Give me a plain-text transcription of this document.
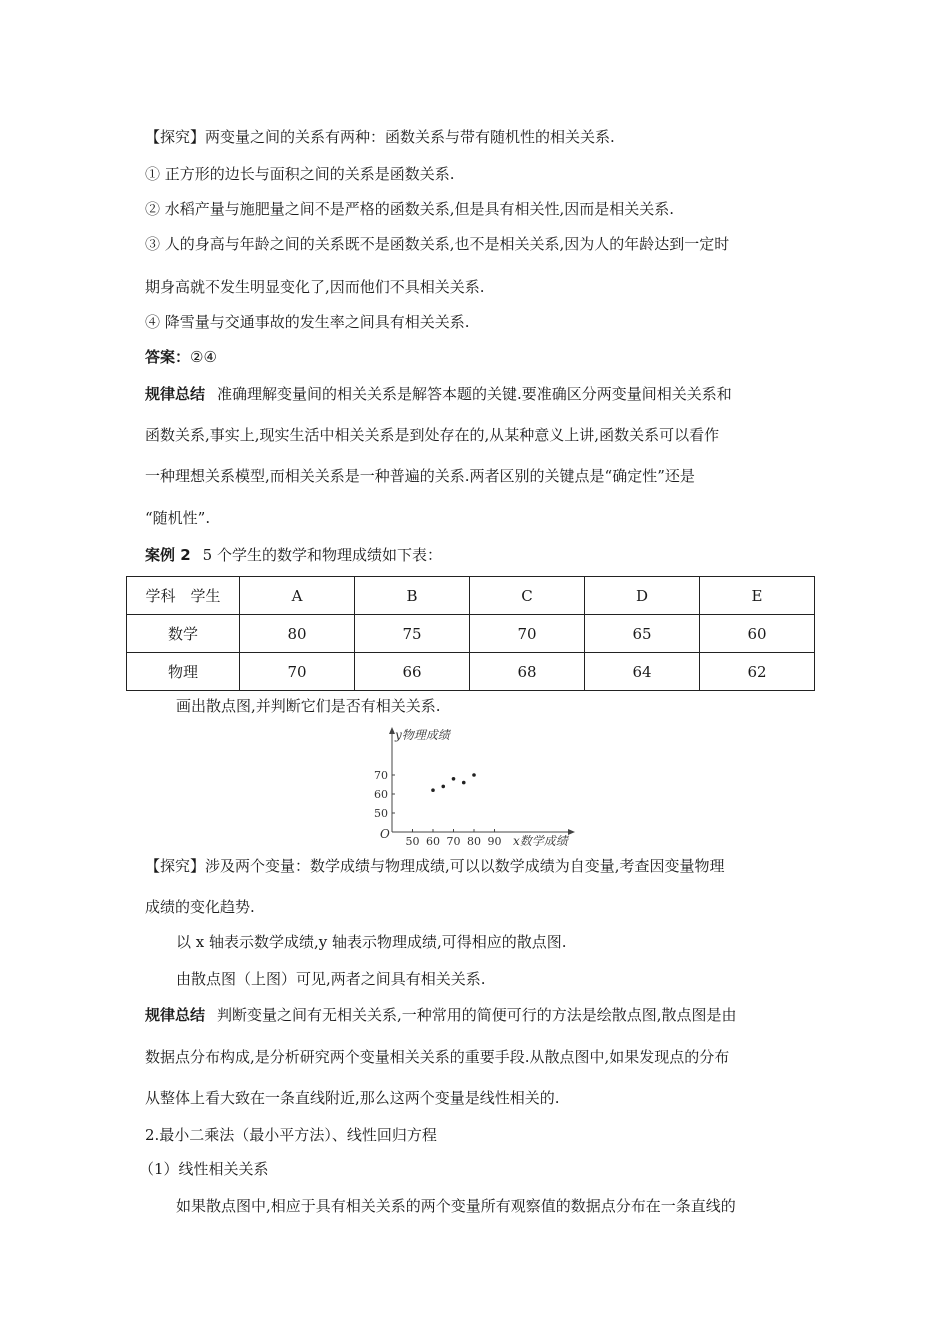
【探究】两变量之间的关系有两种：函数关系与带有随机性的相关关系.
① 正方形的边长与面积之间的关系是函数关系.
② 水稻产量与施肥量之间不是严格的函数关系,但是具有相关性,因而是相关关系.
③ 人的身高与年龄之间的关系既不是函数关系,也不是相关关系,因为人的年龄达到一定时
期身高就不发生明显变化了,因而他们不具相关关系.
④ 降雪量与交通事故的发生率之间具有相关关系.
答案：②④
规律总结 准确理解变量间的相关关系是解答本题的关键.要准确区分两变量间相关关系和
函数关系,事实上,现实生活中相关关系是到处存在的,从某种意义上讲,函数关系可以看作
一种理想关系模型,而相关关系是一种普遍的关系.两者区别的关键点是“确定性”还是
“随机性”.
案例 2 5 个学生的数学和物理成绩如下表：
学科　学生	A	B	C	D	E
数学	80	75	70	65	60
物理	70	66	68	64	62
画出散点图,并判断它们是否有相关关系.
O
y物理成绩
x数学成绩
50 60 70 80 90
50
60
70
【探究】涉及两个变量：数学成绩与物理成绩,可以以数学成绩为自变量,考查因变量物理
成绩的变化趋势.
以 x 轴表示数学成绩,y 轴表示物理成绩,可得相应的散点图.
由散点图（上图）可见,两者之间具有相关关系.
规律总结 判断变量之间有无相关关系,一种常用的简便可行的方法是绘散点图,散点图是由
数据点分布构成,是分析研究两个变量相关关系的重要手段.从散点图中,如果发现点的分布
从整体上看大致在一条直线附近,那么这两个变量是线性相关的.
2.最小二乘法（最小平方法）、线性回归方程
（1）线性相关关系
如果散点图中,相应于具有相关关系的两个变量所有观察值的数据点分布在一条直线的
